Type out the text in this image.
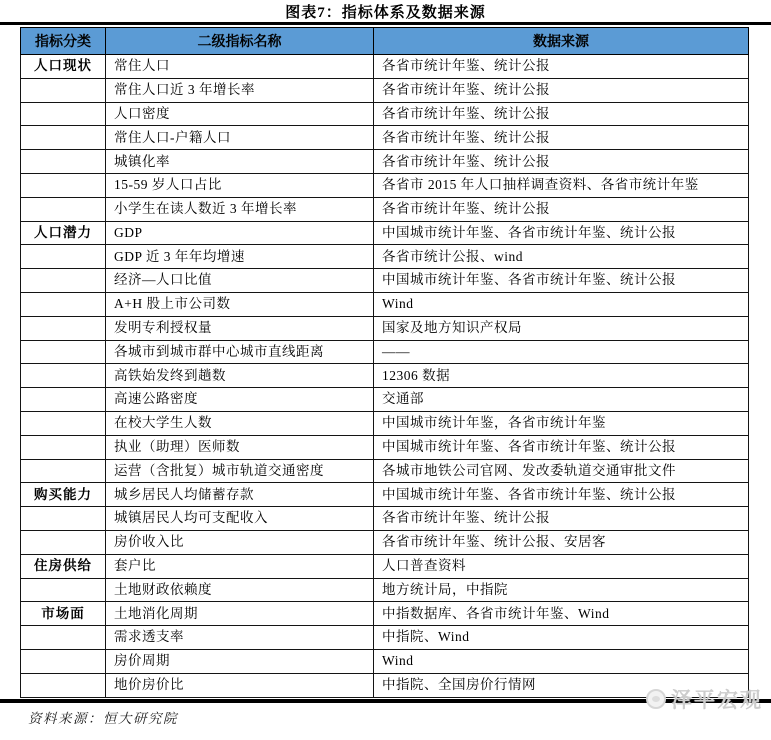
图表7：指标体系及数据来源
指标分类	二级指标名称	数据来源
人口现状	常住人口	各省市统计年鉴、统计公报
	常住人口近 3 年增长率	各省市统计年鉴、统计公报
	人口密度	各省市统计年鉴、统计公报
	常住人口-户籍人口	各省市统计年鉴、统计公报
	城镇化率	各省市统计年鉴、统计公报
	15-59 岁人口占比	各省市 2015 年人口抽样调查资料、各省市统计年鉴
	小学生在读人数近 3 年增长率	各省市统计年鉴、统计公报
人口潜力	GDP	中国城市统计年鉴、各省市统计年鉴、统计公报
	GDP 近 3 年年均增速	各省市统计公报、wind
	经济—人口比值	中国城市统计年鉴、各省市统计年鉴、统计公报
	A+H 股上市公司数	Wind
	发明专利授权量	国家及地方知识产权局
	各城市到城市群中心城市直线距离	——
	高铁始发终到趟数	12306 数据
	高速公路密度	交通部
	在校大学生人数	中国城市统计年鉴，各省市统计年鉴
	执业（助理）医师数	中国城市统计年鉴、各省市统计年鉴、统计公报
	运营（含批复）城市轨道交通密度	各城市地铁公司官网、发改委轨道交通审批文件
购买能力	城乡居民人均储蓄存款	中国城市统计年鉴、各省市统计年鉴、统计公报
	城镇居民人均可支配收入	各省市统计年鉴、统计公报
	房价收入比	各省市统计年鉴、统计公报、安居客
住房供给	套户比	人口普查资料
	土地财政依赖度	地方统计局，中指院
市场面	土地消化周期	中指数据库、各省市统计年鉴、Wind
	需求透支率	中指院、Wind
	房价周期	Wind
	地价房价比	中指院、全国房价行情网
资料来源：恒大研究院
泽平宏观
